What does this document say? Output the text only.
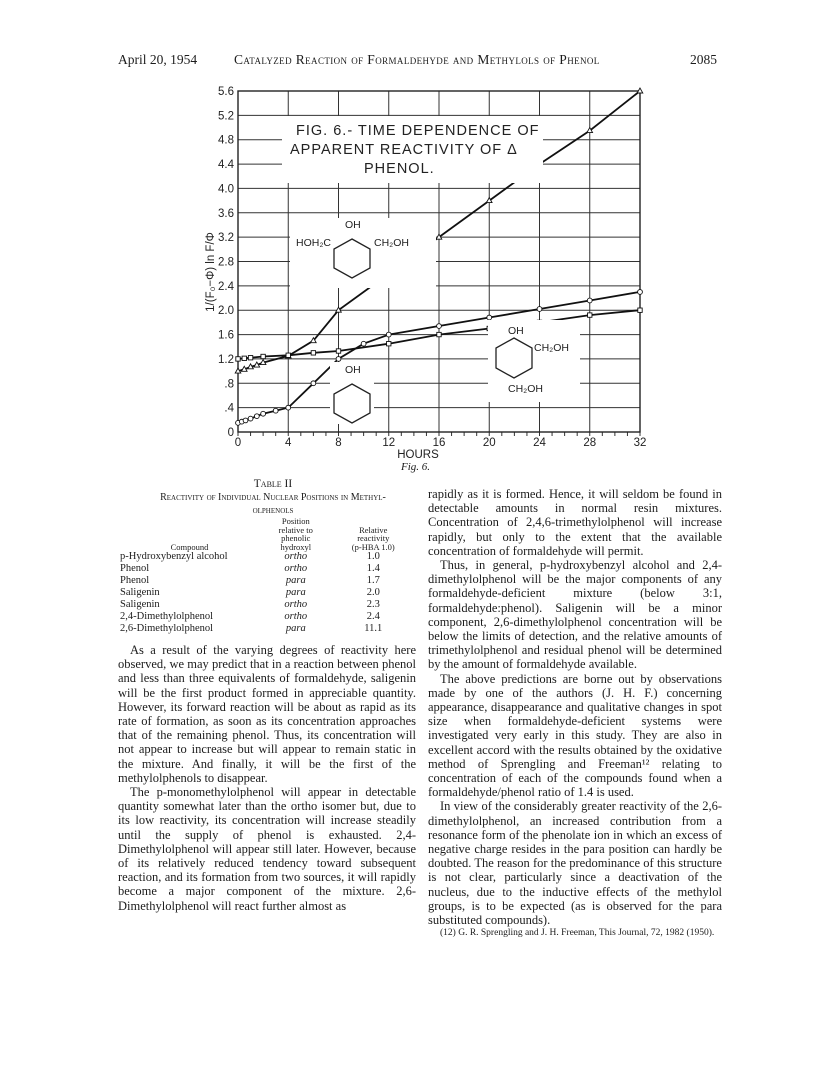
April 20, 1954	Catalyzed Reaction of Formaldehyde and Methylols of Phenol	2085
0
.4
.8
1.2
1.6
2.0
2.4
2.8
3.2
3.6
4.0
4.4
4.8
5.2
5.6
0	4	8	12	16	20	24	28	32
FIG. 6.- TIME DEPENDENCE OF
APPARENT REACTIVITY OF Δ
PHENOL.
OH
HOH₂C	CH₂OH
OH
CH₂OH
CH₂OH
OH
HOURS
1/(F₀−Φ) ln F/Φ
Fig. 6.

Table II

Reactivity of Individual Nuclear Positions in Methyl-

olphenols

Compound	Position
relative to
phenolic
hydroxyl	Relative
reactivity
(p-HBA 1.0)
p-Hydroxybenzyl alcohol	ortho	1.0
Phenol	ortho	1.4
Phenol	para	1.7
Saligenin	para	2.0
Saligenin	ortho	2.3
2,4-Dimethylolphenol	ortho	2.4
2,6-Dimethylolphenol	para	11.1

As a result of the varying degrees of reactivity here observed, we may predict that in a reaction between phenol and less than three equivalents of formaldehyde, saligenin will be the first product formed in appreciable quantity. However, its forward reaction will be about as rapid as its rate of formation, as soon as its concentration approaches that of the remaining phenol. Thus, its concentration will not appear to increase but will appear to remain static in the mixture. And finally, it will be the first of the methylolphenols to disappear.

The p-monomethylolphenol will appear in detectable quantity somewhat later than the ortho isomer but, due to its low reactivity, its concentration will increase steadily until the supply of phenol is exhausted. 2,4-Dimethylolphenol will appear still later. However, because of its relatively reduced tendency toward subsequent reaction, and its formation from two sources, it will rapidly become a major component of the mixture. 2,6-Dimethylolphenol will react further almost as

rapidly as it is formed. Hence, it will seldom be found in detectable amounts in normal resin mixtures. Concentration of 2,4,6-trimethylolphenol will increase rapidly, but only to the extent that the available concentration of formaldehyde will permit.

Thus, in general, p-hydroxybenzyl alcohol and 2,4-dimethylolphenol will be the major components of any formaldehyde-deficient mixture (below 3:1, formaldehyde:phenol). Saligenin will be a minor component, 2,6-dimethylolphenol concentration will be below the limits of detection, and the relative amounts of trimethylolphenol and residual phenol will be determined by the amount of formaldehyde available.

The above predictions are borne out by observations made by one of the authors (J. H. F.) concerning appearance, disappearance and qualitative changes in spot size when formaldehyde-deficient systems were investigated very early in this study. They are also in excellent accord with the results obtained by the oxidative method of Sprengling and Freeman¹² relating to concentration of each of the compounds found when a formaldehyde/phenol ratio of 1.4 is used.

In view of the considerably greater reactivity of the 2,6-dimethylolphenol, an increased contribution from a resonance form of the phenolate ion in which an excess of negative charge resides in the para position can hardly be doubted. The reason for the predominance of this structure is not clear, particularly since a deactivation of the nucleus, due to the inductive effects of the methylol groups, is to be expected (as is observed for the para substituted compounds).

(12) G. R. Sprengling and J. H. Freeman, This Journal, 72, 1982 (1950).
